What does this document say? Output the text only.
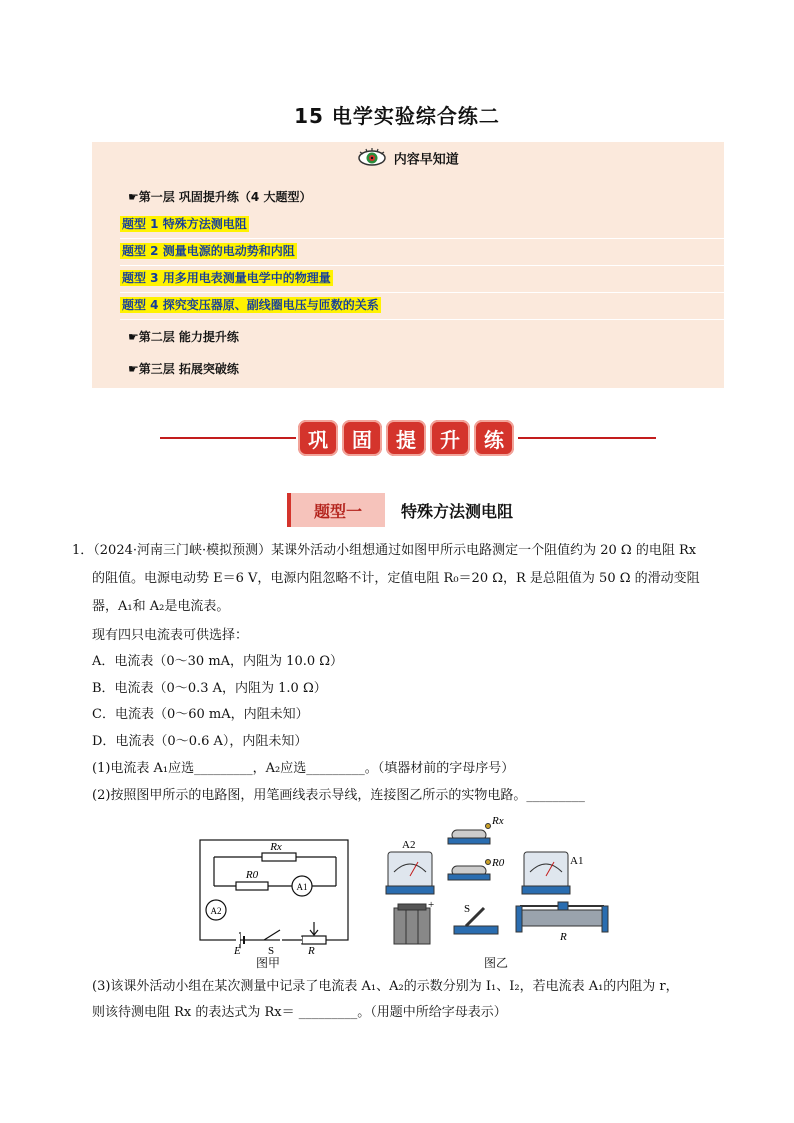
15 电学实验综合练二
内容早知道
☛第一层 巩固提升练（4 大题型）
题型 1 特殊方法测电阻
题型 2 测量电源的电动势和内阻
题型 3 用多用电表测量电学中的物理量
题型 4 探究变压器原、副线圈电压与匝数的关系
☛第二层 能力提升练
☛第三层 拓展突破练
巩	固	提	升	练
题型一	特殊方法测电阻
1．（2024·河南三门峡·模拟预测）某课外活动小组想通过如图甲所示电路测定一个阻值约为 20 Ω 的电阻 Rx
的阻值。电源电动势 E＝6 V，电源内阻忽略不计，定值电阻 R₀＝20 Ω，R 是总阻值为 50 Ω 的滑动变阻
器，A₁和 A₂是电流表。
现有四只电流表可供选择：
A．电流表（0～30 mA，内阻为 10.0 Ω）
B．电流表（0～0.3 A，内阻为 1.0 Ω）
C．电流表（0～60 mA，内阻未知）
D．电流表（0～0.6 A），内阻未知）
(1)电流表 A₁应选_________，A₂应选_________。（填器材前的字母序号）
(2)按照图甲所示的电路图，用笔画线表示导线，连接图乙所示的实物电路。_________
Rx
R0
A1
A2
E S	R
图甲
A2
Rx
R0	A1
+	S
R
图乙
(3)该课外活动小组在某次测量中记录了电流表 A₁、A₂的示数分别为 I₁、I₂，若电流表 A₁的内阻为 r，
则该待测电阻 Rx 的表达式为 Rx＝ _________。（用题中所给字母表示）
